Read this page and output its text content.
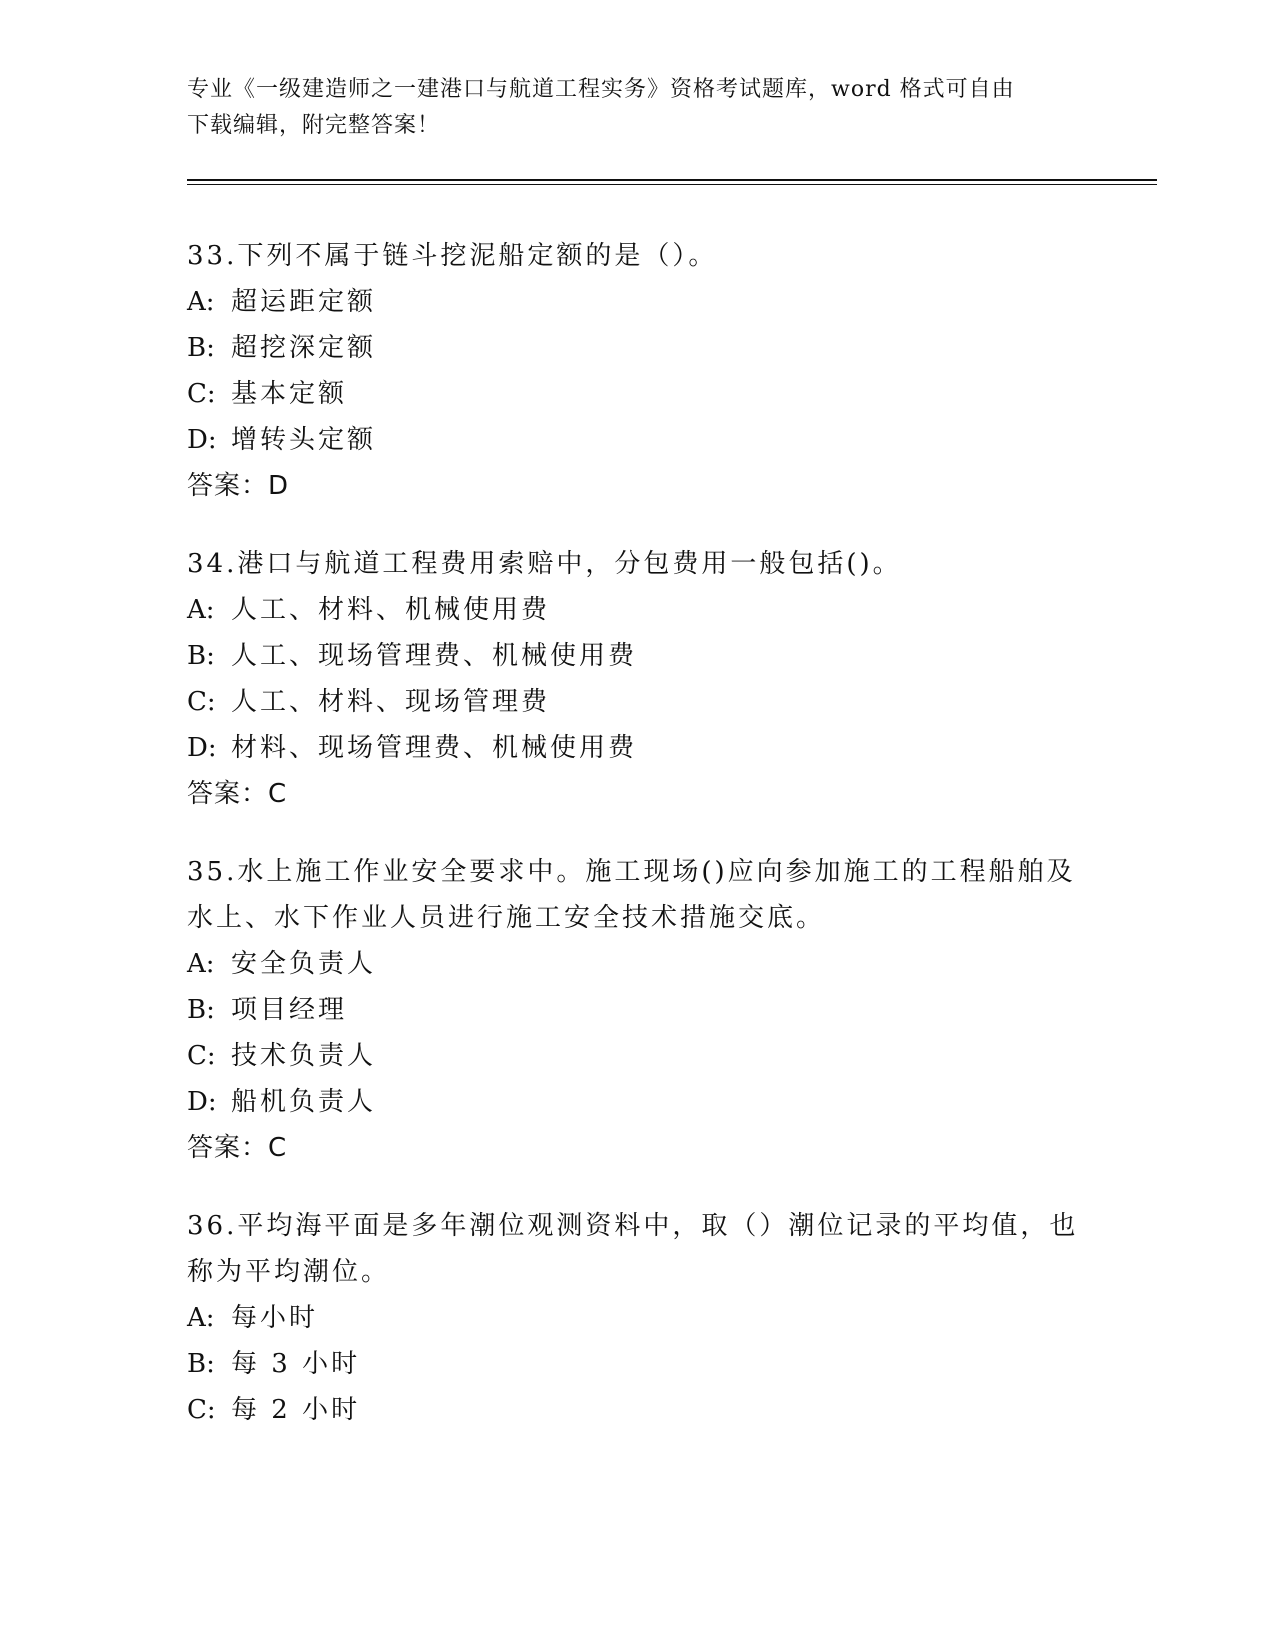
专业《一级建造师之一建港口与航道工程实务》资格考试题库，word 格式可自由
下载编辑，附完整答案！

33.下列不属于链斗挖泥船定额的是（）。

A: 超运距定额

B: 超挖深定额

C: 基本定额

D: 增转头定额

答案：D

34.港口与航道工程费用索赔中，分包费用一般包括()。

A: 人工、材料、机械使用费

B: 人工、现场管理费、机械使用费

C: 人工、材料、现场管理费

D: 材料、现场管理费、机械使用费

答案：C

35.水上施工作业安全要求中。施工现场()应向参加施工的工程船舶及

水上、水下作业人员进行施工安全技术措施交底。

A: 安全负责人

B: 项目经理

C: 技术负责人

D: 船机负责人

答案：C

36.平均海平面是多年潮位观测资料中，取（）潮位记录的平均值，也

称为平均潮位。

A: 每小时

B: 每 3 小时

C: 每 2 小时
